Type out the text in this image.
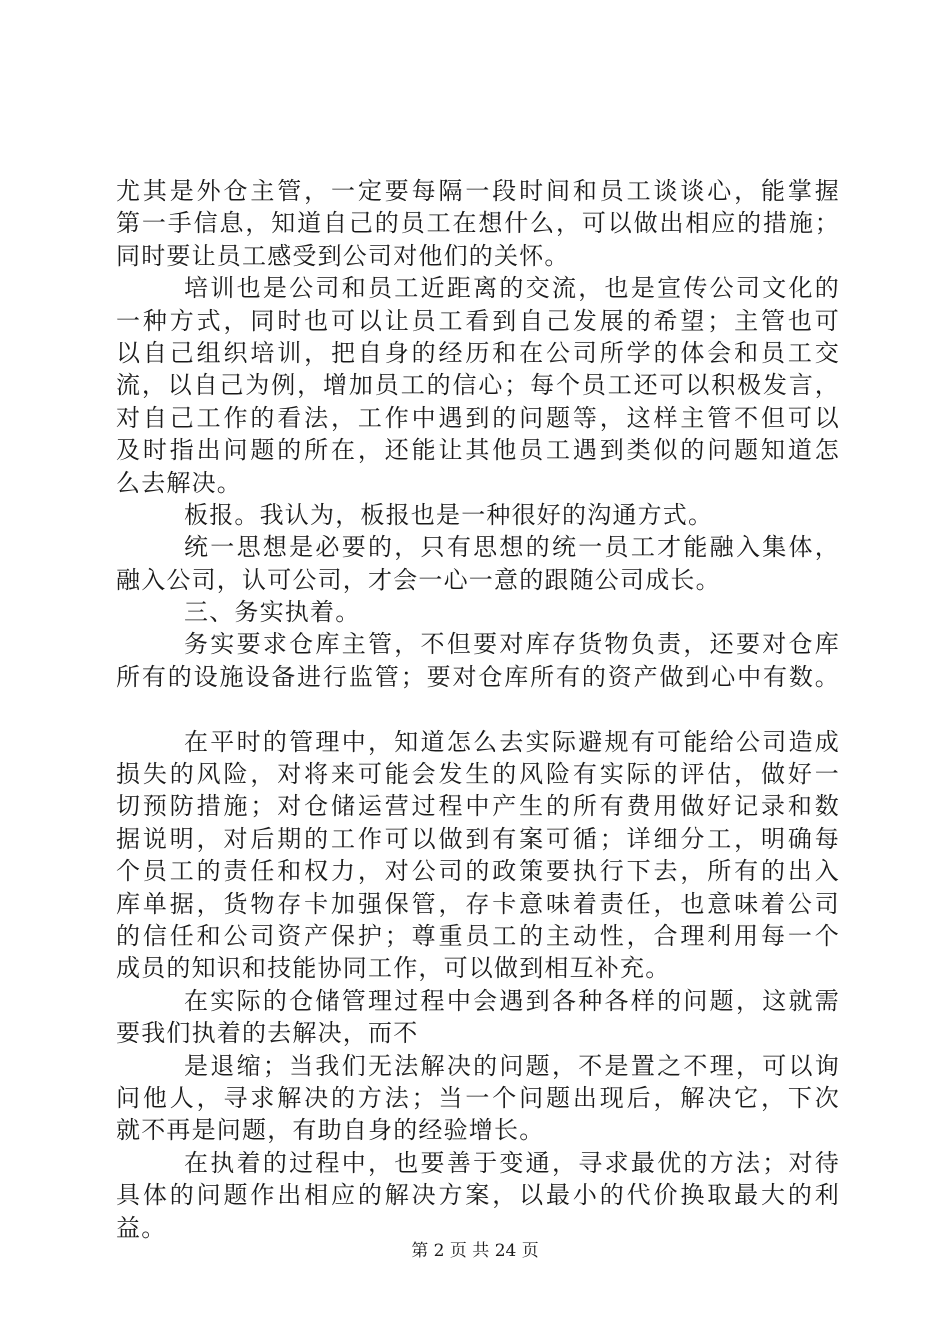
尤其是外仓主管，一定要每隔一段时间和员工谈谈心，能掌握
第一手信息，知道自己的员工在想什么，可以做出相应的措施；
同时要让员工感受到公司对他们的关怀。
培训也是公司和员工近距离的交流，也是宣传公司文化的
一种方式，同时也可以让员工看到自己发展的希望；主管也可
以自己组织培训，把自身的经历和在公司所学的体会和员工交
流，以自己为例，增加员工的信心；每个员工还可以积极发言，
对自己工作的看法，工作中遇到的问题等，这样主管不但可以
及时指出问题的所在，还能让其他员工遇到类似的问题知道怎
么去解决。
板报。我认为，板报也是一种很好的沟通方式。
统一思想是必要的，只有思想的统一员工才能融入集体，
融入公司，认可公司，才会一心一意的跟随公司成长。
三、务实执着。
务实要求仓库主管，不但要对库存货物负责，还要对仓库
所有的设施设备进行监管；要对仓库所有的资产做到心中有数。
在平时的管理中，知道怎么去实际避规有可能给公司造成
损失的风险，对将来可能会发生的风险有实际的评估，做好一
切预防措施；对仓储运营过程中产生的所有费用做好记录和数
据说明，对后期的工作可以做到有案可循；详细分工，明确每
个员工的责任和权力，对公司的政策要执行下去，所有的出入
库单据，货物存卡加强保管，存卡意味着责任，也意味着公司
的信任和公司资产保护；尊重员工的主动性，合理利用每一个
成员的知识和技能协同工作，可以做到相互补充。
在实际的仓储管理过程中会遇到各种各样的问题，这就需
要我们执着的去解决，而不
是退缩；当我们无法解决的问题，不是置之不理，可以询
问他人，寻求解决的方法；当一个问题出现后，解决它，下次
就不再是问题，有助自身的经验增长。
在执着的过程中，也要善于变通，寻求最优的方法；对待
具体的问题作出相应的解决方案，以最小的代价换取最大的利
益。
第 2 页 共 24 页
